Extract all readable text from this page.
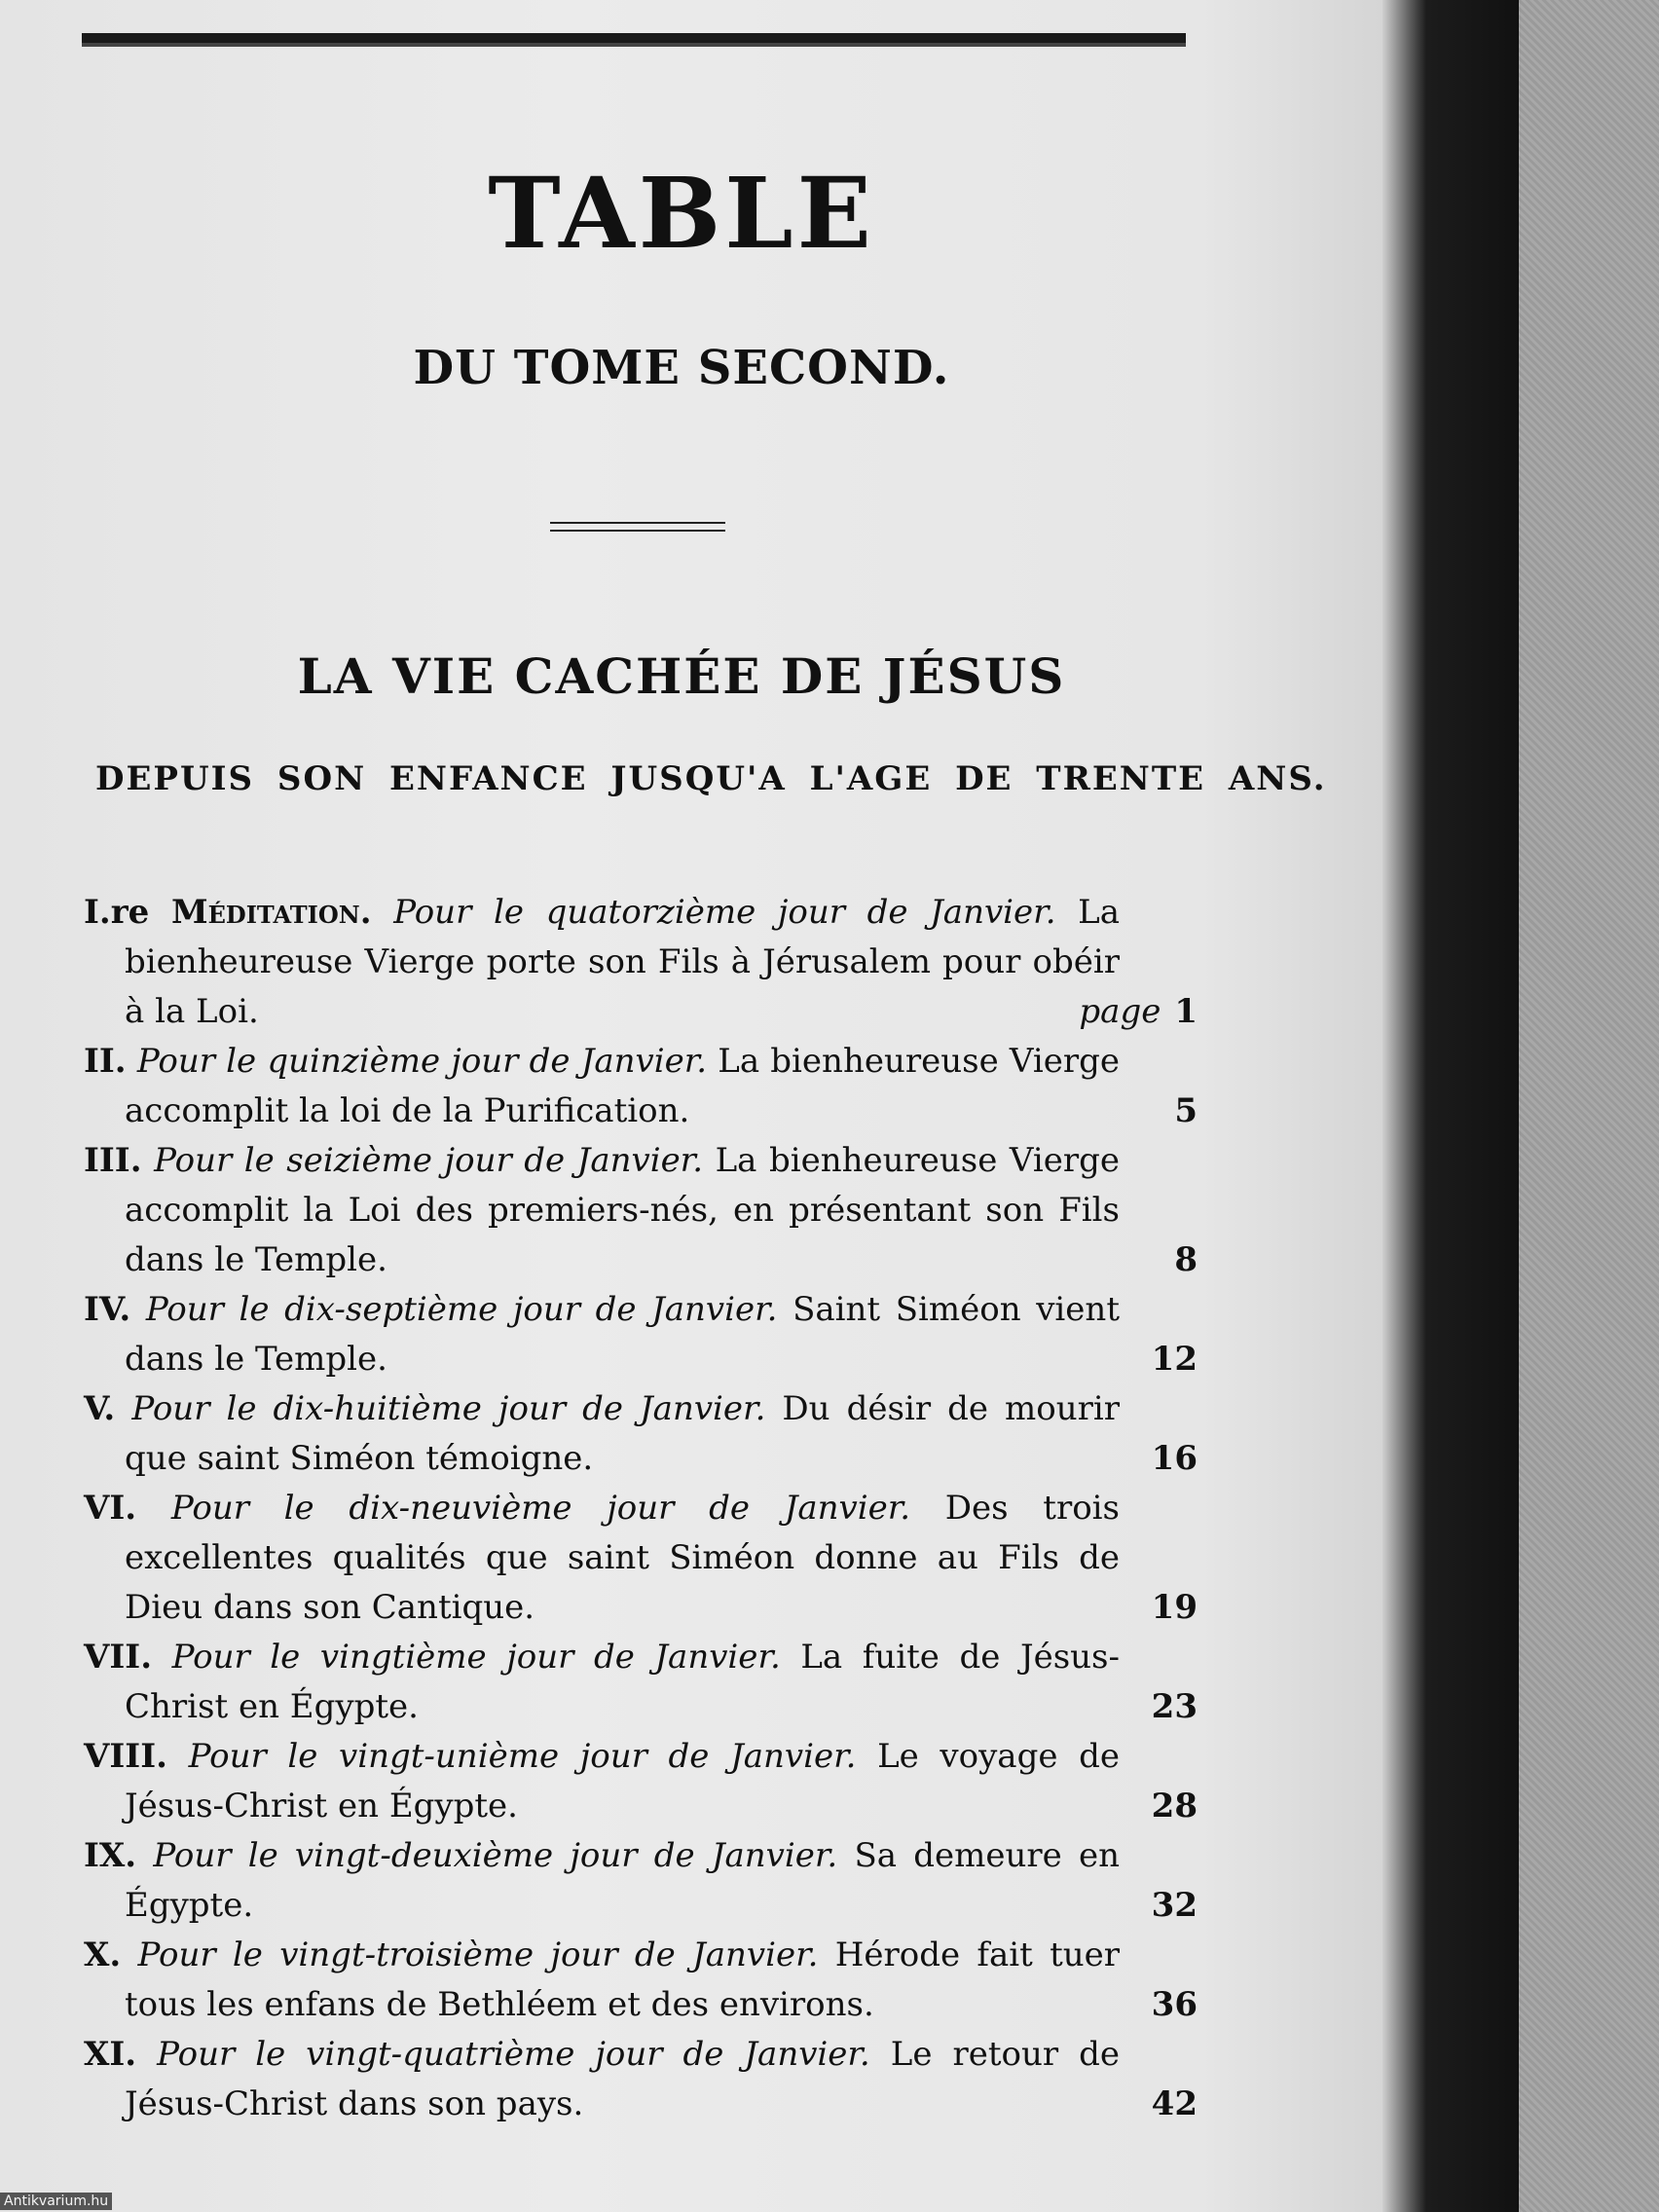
TABLE
DU TOME SECOND.
LA VIE CACHÉE DE JÉSUS
DEPUIS SON ENFANCE JUSQU'A L'AGE DE TRENTE ANS.
I.re Méditation. Pour le quatorzième jour de Janvier. La bienheureuse Vierge porte son Fils à Jérusalem pour obéir à la Loi.	page 1
II. Pour le quinzième jour de Janvier. La bienheureuse Vierge accomplit la loi de la Purification.	5
III. Pour le seizième jour de Janvier. La bienheureuse Vierge accomplit la Loi des premiers-nés, en présentant son Fils dans le Temple.	8
IV. Pour le dix-septième jour de Janvier. Saint Siméon vient dans le Temple.	12
V. Pour le dix-huitième jour de Janvier. Du désir de mourir que saint Siméon témoigne.	16
VI. Pour le dix-neuvième jour de Janvier. Des trois excellentes qualités que saint Siméon donne au Fils de Dieu dans son Cantique.	19
VII. Pour le vingtième jour de Janvier. La fuite de Jésus-Christ en Égypte.	23
VIII. Pour le vingt-unième jour de Janvier. Le voyage de Jésus-Christ en Égypte.	28
IX. Pour le vingt-deuxième jour de Janvier. Sa demeure en Égypte.	32
X. Pour le vingt-troisième jour de Janvier. Hérode fait tuer tous les enfans de Bethléem et des environs.	36
XI. Pour le vingt-quatrième jour de Janvier. Le retour de Jésus-Christ dans son pays.	42
Antikvarium.hu
